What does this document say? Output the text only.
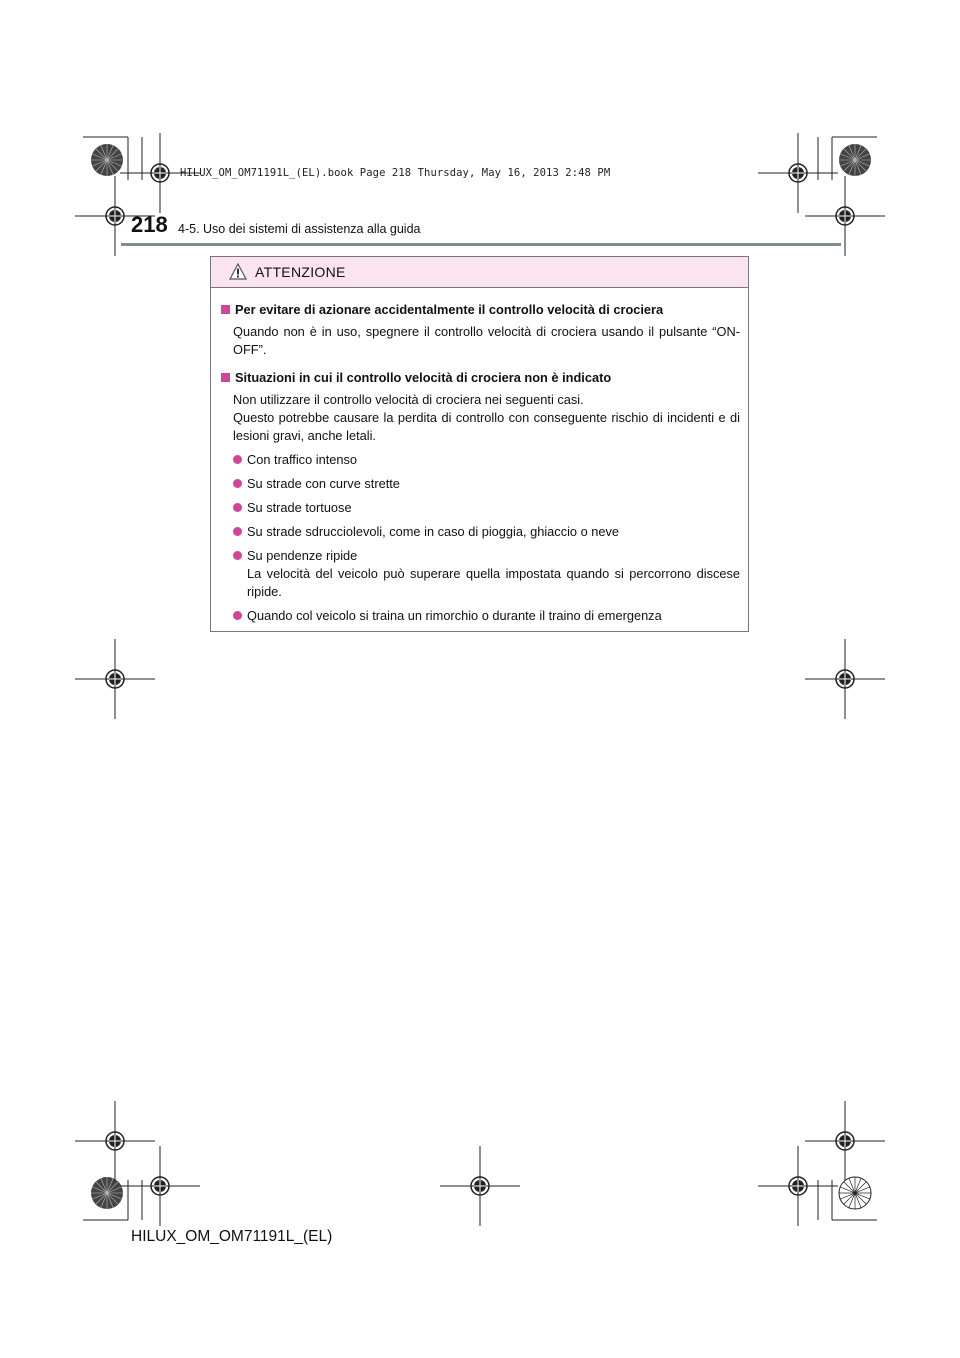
HILUX_OM_OM71191L_(EL).book Page 218 Thursday, May 16, 2013 2:48 PM
218 4-5. Uso dei sistemi di assistenza alla guida
ATTENZIONE
Per evitare di azionare accidentalmente il controllo velocità di crociera
Quando non è in uso, spegnere il controllo velocità di crociera usando il pulsante “ON-OFF”.
Situazioni in cui il controllo velocità di crociera non è indicato
Non utilizzare il controllo velocità di crociera nei seguenti casi.
Questo potrebbe causare la perdita di controllo con conseguente rischio di incidenti e di lesioni gravi, anche letali.
Con traffico intenso
Su strade con curve strette
Su strade tortuose
Su strade sdrucciolevoli, come in caso di pioggia, ghiaccio o neve
Su pendenze ripide
La velocità del veicolo può superare quella impostata quando si percorrono discese ripide.
Quando col veicolo si traina un rimorchio o durante il traino di emergenza
HILUX_OM_OM71191L_(EL)
